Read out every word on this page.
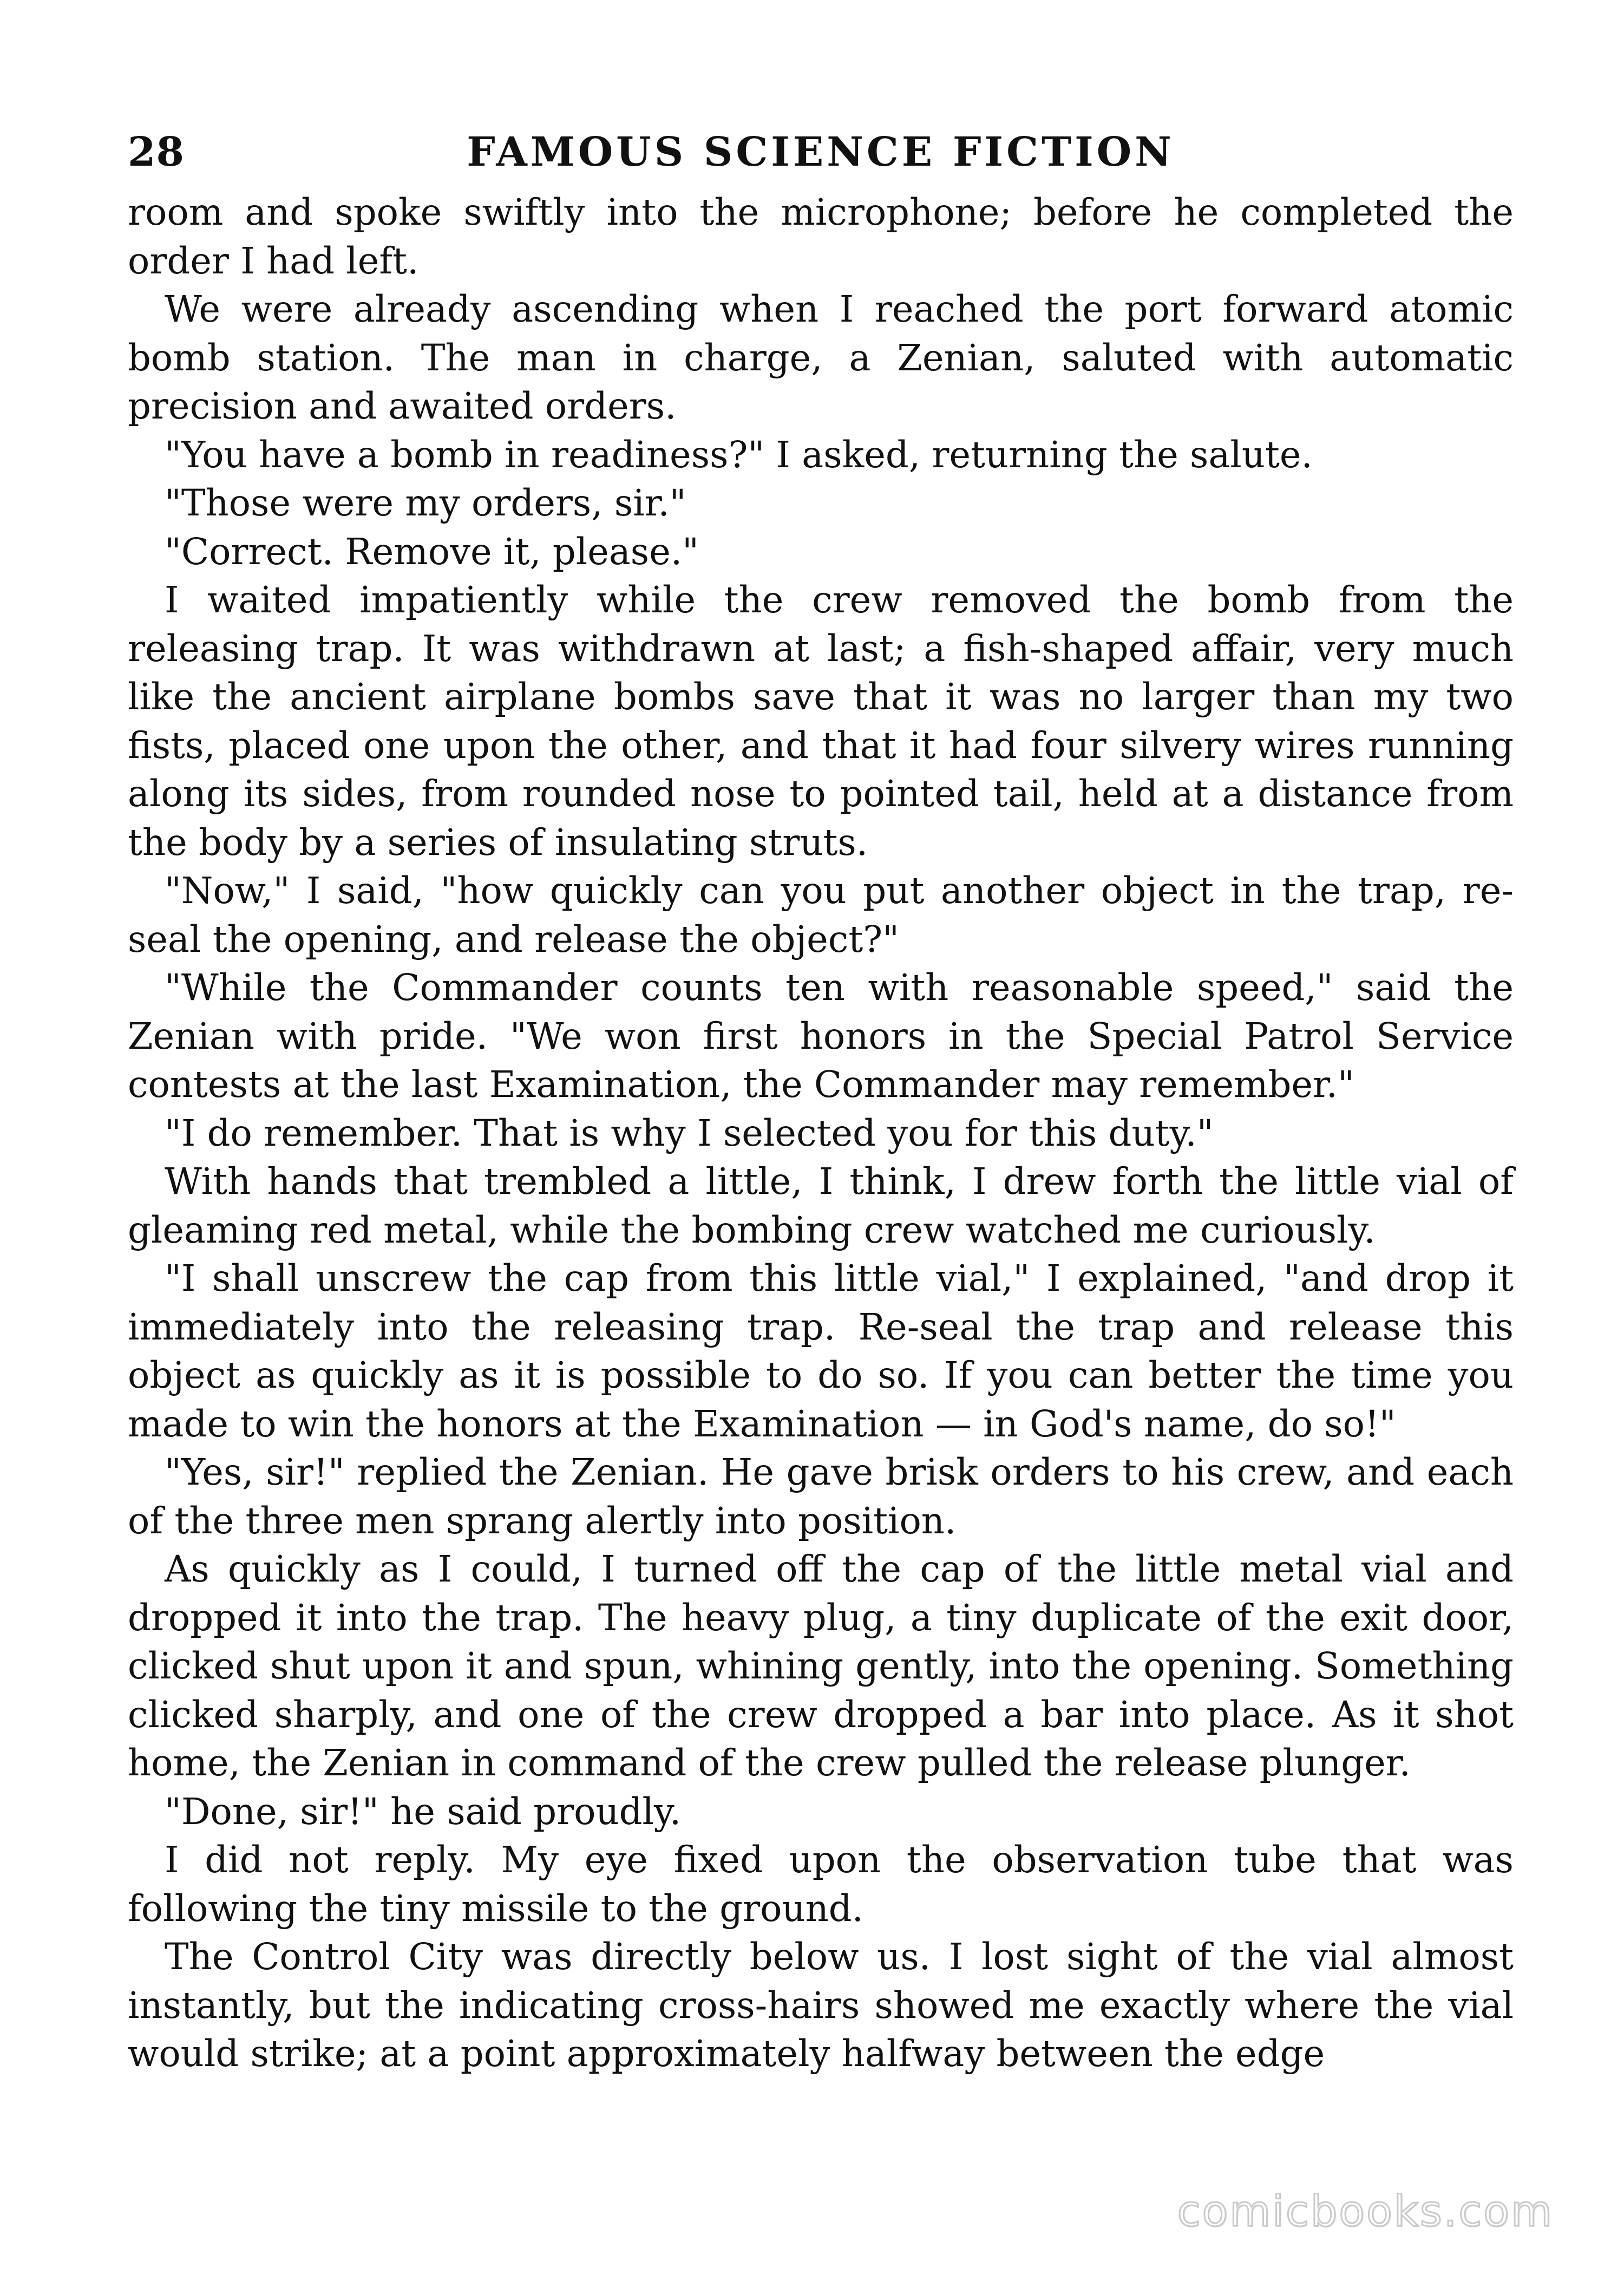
28	FAMOUS SCIENCE FICTION

room and spoke swiftly into the microphone; before he completed the order I had left.

We were already ascending when I reached the port forward atomic bomb station. The man in charge, a Zenian, saluted with automatic precision and awaited orders.

"You have a bomb in readiness?" I asked, returning the salute.

"Those were my orders, sir."

"Correct. Remove it, please."

I waited impatiently while the crew removed the bomb from the releasing trap. It was withdrawn at last; a fish-shaped affair, very much like the ancient airplane bombs save that it was no larger than my two fists, placed one upon the other, and that it had four silvery wires running along its sides, from rounded nose to pointed tail, held at a distance from the body by a series of insulating struts.

"Now," I said, "how quickly can you put another object in the trap, re-seal the opening, and release the object?"

"While the Commander counts ten with reasonable speed," said the Zenian with pride. "We won first honors in the Special Patrol Service contests at the last Examination, the Commander may remember."

"I do remember. That is why I selected you for this duty."

With hands that trembled a little, I think, I drew forth the little vial of gleaming red metal, while the bombing crew watched me curiously.

"I shall unscrew the cap from this little vial," I explained, "and drop it immediately into the releasing trap. Re-seal the trap and release this object as quickly as it is possible to do so. If you can better the time you made to win the honors at the Examination — in God's name, do so!"

"Yes, sir!" replied the Zenian. He gave brisk orders to his crew, and each of the three men sprang alertly into position.

As quickly as I could, I turned off the cap of the little metal vial and dropped it into the trap. The heavy plug, a tiny duplicate of the exit door, clicked shut upon it and spun, whining gently, into the opening. Something clicked sharply, and one of the crew dropped a bar into place. As it shot home, the Zenian in command of the crew pulled the release plunger.

"Done, sir!" he said proudly.

I did not reply. My eye fixed upon the observation tube that was following the tiny missile to the ground.

The Control City was directly below us. I lost sight of the vial almost instantly, but the indicating cross-hairs showed me exactly where the vial would strike; at a point approximately halfway between the edge

comicbooks.com
